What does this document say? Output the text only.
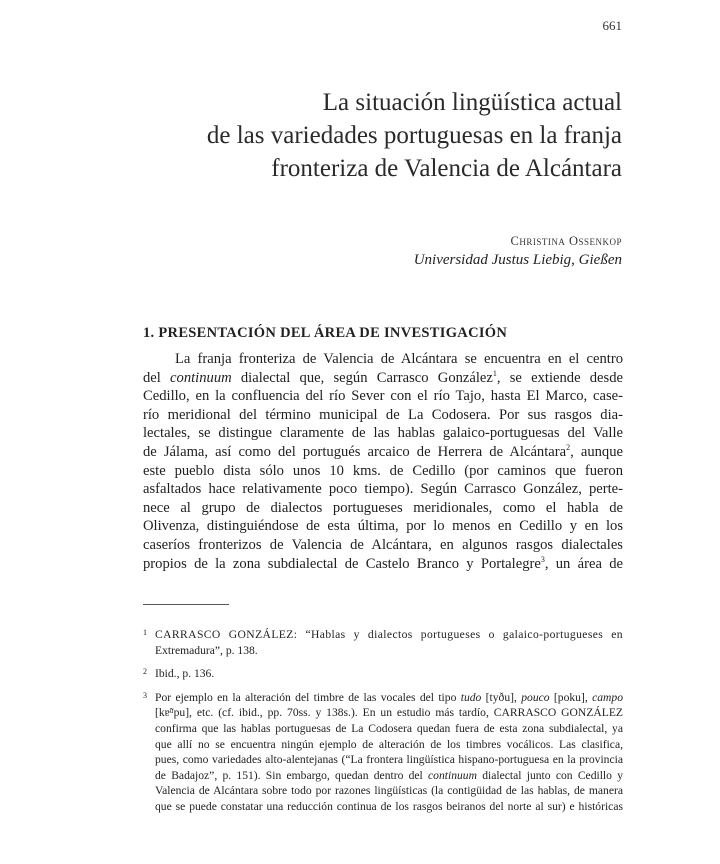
661
La situación lingüística actual
de las variedades portuguesas en la franja
fronteriza de Valencia de Alcántara
Christina Ossenkop
Universidad Justus Liebig, Gießen
1. PRESENTACIÓN DEL ÁREA DE INVESTIGACIÓN
La franja fronteriza de Valencia de Alcántara se encuentra en el centro
del continuum dialectal que, según Carrasco González$^1$, se extiende desde
Cedillo, en la confluencia del río Sever con el río Tajo, hasta El Marco, case-
río meridional del término municipal de La Codosera. Por sus rasgos dia-
lectales, se distingue claramente de las hablas galaico-portuguesas del Valle
de Jálama, así como del portugués arcaico de Herrera de Alcántara$^2$, aunque
este pueblo dista sólo unos 10 kms. de Cedillo (por caminos que fueron
asfaltados hace relativamente poco tiempo). Según Carrasco González, perte-
nece al grupo de dialectos portugueses meridionales, como el habla de
Olivenza, distinguiéndose de esta última, por lo menos en Cedillo y en los
caseríos fronterizos de Valencia de Alcántara, en algunos rasgos dialectales
propios de la zona subdialectal de Castelo Branco y Portalegre$^3$, un área de
1 CARRASCO GONZÁLEZ: “Hablas y dialectos portugueses o galaico-portugueses en
Extremadura”, p. 138.
2 Ibid., p. 136.
3 Por ejemplo en la alteración del timbre de las vocales del tipo tudo [tyðu], pouco [poku], campo
[kɐ̃ᵘpu], etc. (cf. ibid., pp. 70ss. y 138s.). En un estudio más tardío, CARRASCO GONZÁLEZ
confirma que las hablas portuguesas de La Codosera quedan fuera de esta zona subdialectal, ya
que allí no se encuentra ningún ejemplo de alteración de los timbres vocálicos. Las clasifica,
pues, como variedades alto-alentejanas (“La frontera lingüística hispano-portuguesa en la provincia
de Badajoz”, p. 151). Sin embargo, quedan dentro del continuum dialectal junto con Cedillo y
Valencia de Alcántara sobre todo por razones lingüísticas (la contigüidad de las hablas, de manera
que se puede constatar una reducción continua de los rasgos beiranos del norte al sur) e históricas
